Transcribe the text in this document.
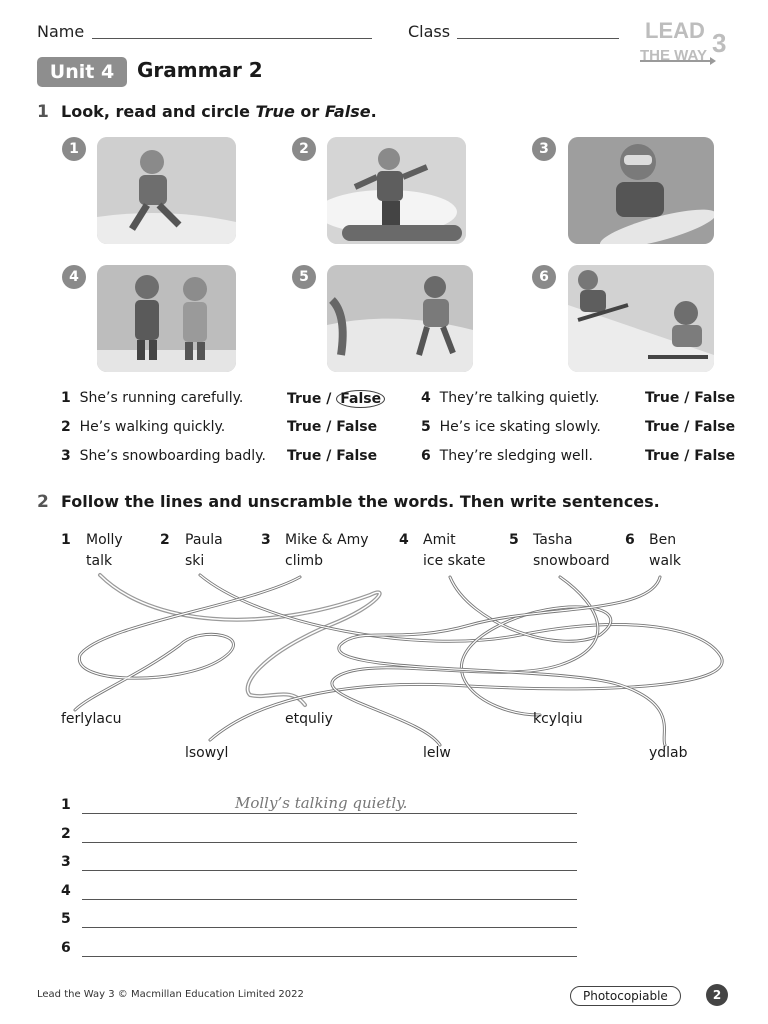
Name	Class	LEAD
THE WAY 3
Unit 4	Grammar 2
1 Look, read and circle True or False.
1	2	3
4	5	6
1 She’s running carefully.	True / False
2 He’s walking quickly.	True / False
3 She’s snowboarding badly. True / False
4 They’re talking quietly.	True / False
5 He’s ice skating slowly.	True / False
6 They’re sledging well.	True / False
2 Follow the lines and unscramble the words. Then write sentences.
1 Molly
talk
2 Paula
ski
3 Mike & Amy
climb
4 Amit
ice skate
5 Tasha
snowboard
6 Ben
walk
ferlylacu	etquliy	kcylqiu
lsowyl	lelw	ydlab
1	Molly’s talking quietly.
2
3
4
5
6
Lead the Way 3 © Macmillan Education Limited 2022	Photocopiable	2
